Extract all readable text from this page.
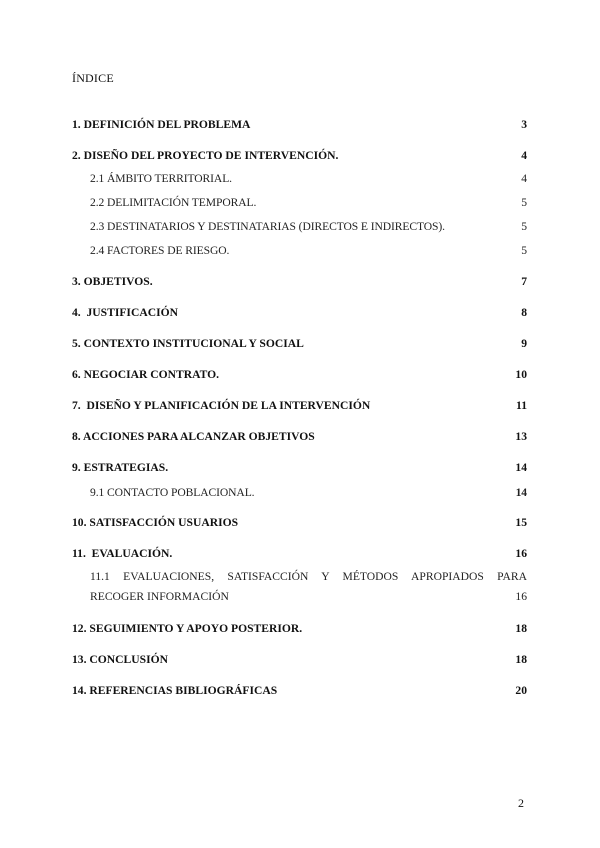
ÍNDICE
1. DEFINICIÓN DEL PROBLEMA	3
2. DISEÑO DEL PROYECTO DE INTERVENCIÓN.	4
2.1 ÁMBITO TERRITORIAL.	4
2.2 DELIMITACIÓN TEMPORAL.	5
2.3 DESTINATARIOS Y DESTINATARIAS (DIRECTOS E INDIRECTOS).	5
2.4 FACTORES DE RIESGO.	5
3. OBJETIVOS.	7
4.  JUSTIFICACIÓN	8
5. CONTEXTO INSTITUCIONAL Y SOCIAL	9
6. NEGOCIAR CONTRATO.	10
7.  DISEÑO Y PLANIFICACIÓN DE LA INTERVENCIÓN	11
8. ACCIONES PARA ALCANZAR OBJETIVOS	13
9. ESTRATEGIAS.	14
9.1 CONTACTO POBLACIONAL.	14
10. SATISFACCIÓN USUARIOS	15
11.  EVALUACIÓN.	16
11.1 EVALUACIONES, SATISFACCIÓN Y MÉTODOS APROPIADOS PARA
RECOGER INFORMACIÓN	16
12. SEGUIMIENTO Y APOYO POSTERIOR.	18
13. CONCLUSIÓN	18
14. REFERENCIAS BIBLIOGRÁFICAS	20
2
